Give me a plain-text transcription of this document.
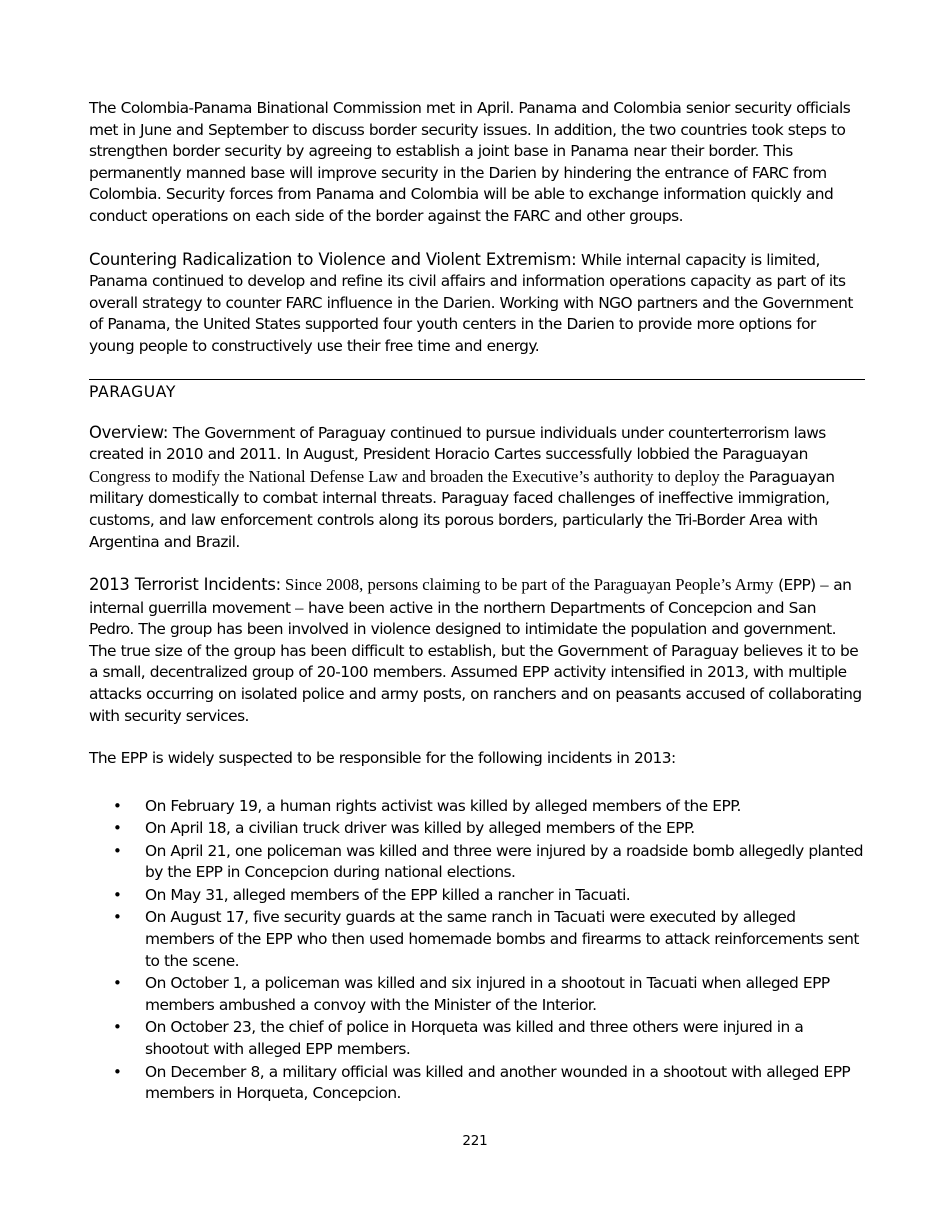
The Colombia-Panama Binational Commission met in April. Panama and Colombia senior security officials met in June and September to discuss border security issues. In addition, the two countries took steps to strengthen border security by agreeing to establish a joint base in Panama near their border. This permanently manned base will improve security in the Darien by hindering the entrance of FARC from Colombia. Security forces from Panama and Colombia will be able to exchange information quickly and conduct operations on each side of the border against the FARC and other groups.

Countering Radicalization to Violence and Violent Extremism: While internal capacity is limited, Panama continued to develop and refine its civil affairs and information operations capacity as part of its overall strategy to counter FARC influence in the Darien. Working with NGO partners and the Government of Panama, the United States supported four youth centers in the Darien to provide more options for young people to constructively use their free time and energy.

PARAGUAY

Overview: The Government of Paraguay continued to pursue individuals under counterterrorism laws created in 2010 and 2011. In August, President Horacio Cartes successfully lobbied the Paraguayan Congress to modify the National Defense Law and broaden the Executive’s authority to deploy the Paraguayan military domestically to combat internal threats. Paraguay faced challenges of ineffective immigration, customs, and law enforcement controls along its porous borders, particularly the Tri-Border Area with Argentina and Brazil.

2013 Terrorist Incidents: Since 2008, persons claiming to be part of the Paraguayan People’s Army (EPP) – an internal guerrilla movement – have been active in the northern Departments of Concepcion and San Pedro. The group has been involved in violence designed to intimidate the population and government. The true size of the group has been difficult to establish, but the Government of Paraguay believes it to be a small, decentralized group of 20-100 members. Assumed EPP activity intensified in 2013, with multiple attacks occurring on isolated police and army posts, on ranchers and on peasants accused of collaborating with security services.

The EPP is widely suspected to be responsible for the following incidents in 2013:

• On February 19, a human rights activist was killed by alleged members of the EPP.
• On April 18, a civilian truck driver was killed by alleged members of the EPP.
• On April 21, one policeman was killed and three were injured by a roadside bomb allegedly planted by the EPP in Concepcion during national elections.
• On May 31, alleged members of the EPP killed a rancher in Tacuati.
• On August 17, five security guards at the same ranch in Tacuati were executed by alleged members of the EPP who then used homemade bombs and firearms to attack reinforcements sent to the scene.
• On October 1, a policeman was killed and six injured in a shootout in Tacuati when alleged EPP members ambushed a convoy with the Minister of the Interior.
• On October 23, the chief of police in Horqueta was killed and three others were injured in a shootout with alleged EPP members.
• On December 8, a military official was killed and another wounded in a shootout with alleged EPP members in Horqueta, Concepcion.
221
